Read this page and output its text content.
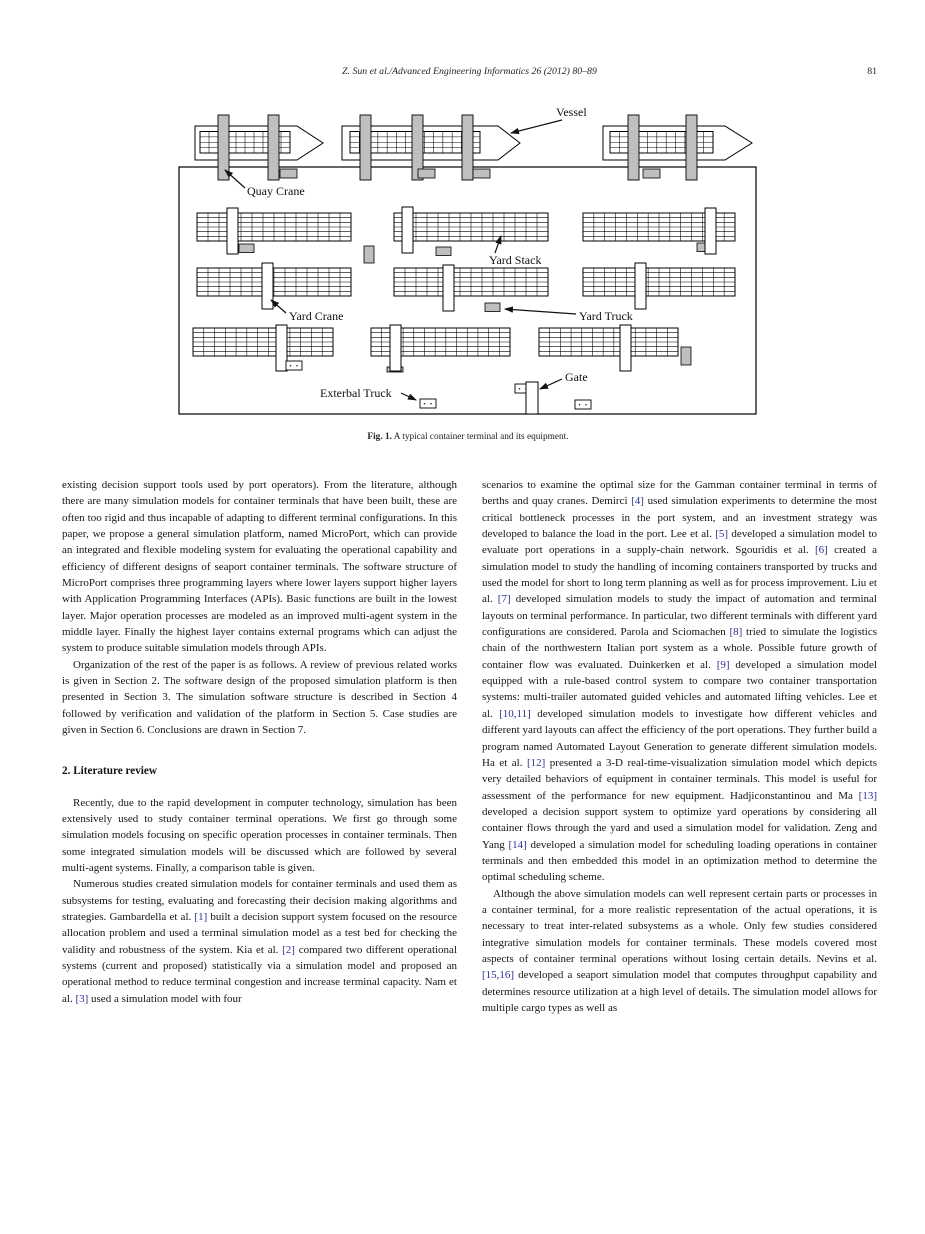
Z. Sun et al./Advanced Engineering Informatics 26 (2012) 80–89	81
Vessel
Quay Crane
Yard Stack
Yard Crane	Yard Truck
Exterbal Truck
Gate
Fig. 1. A typical container terminal and its equipment.
existing decision support tools used by port operators). From the literature, although there are many simulation models for container terminals that have been built, these are often too rigid and thus incapable of adapting to different terminal configurations. In this paper, we propose a general simulation platform, named MicroPort, which can provide an integrated and flexible modeling system for evaluating the operational capability and efficiency of different designs of seaport container terminals. The software structure of MicroPort comprises three programming layers where lower layers support higher layers with Application Programming Interfaces (APIs). Basic functions are built in the lowest layer. Major operation processes are modeled as an improved multi-agent system in the middle layer. Finally the highest layer contains external programs which can adjust the system to produce suitable simulation models through APIs.
Organization of the rest of the paper is as follows. A review of previous related works is given in Section 2. The software design of the proposed simulation platform is then presented in Section 3. The simulation software structure is described in Section 4 followed by verification and validation of the platform in Section 5. Case studies are given in Section 6. Conclusions are drawn in Section 7.
2. Literature review
Recently, due to the rapid development in computer technology, simulation has been extensively used to study container terminal operations. We first go through some simulation models focusing on specific operation processes in container terminals. Then some integrated simulation models will be discussed which are followed by several multi-agent systems. Finally, a comparison table is given.
Numerous studies created simulation models for container terminals and used them as subsystems for testing, evaluating and forecasting their decision making algorithms and strategies. Gambardella et al. [1] built a decision support system focused on the resource allocation problem and used a terminal simulation model as a test bed for checking the validity and robustness of the system. Kia et al. [2] compared two different operational systems (current and proposed) statistically via a simulation model and proposed an operational method to reduce terminal congestion and increase terminal capacity. Nam et al. [3] used a simulation model with four
scenarios to examine the optimal size for the Gamman container terminal in terms of berths and quay cranes. Demirci [4] used simulation experiments to determine the most critical bottleneck processes in the port system, and an investment strategy was developed to balance the load in the port. Lee et al. [5] developed a simulation model to evaluate port operations in a supply-chain network. Sgouridis et al. [6] created a simulation model to study the handling of incoming containers transported by trucks and used the model for short to long term planning as well as for process improvement. Liu et al. [7] developed simulation models to study the impact of automation and terminal layouts on terminal performance. In particular, two different terminals with different yard configurations are considered. Parola and Sciomachen [8] tried to simulate the logistics chain of the northwestern Italian port system as a whole. Possible future growth of container flow was evaluated. Duinkerken et al. [9] developed a simulation model equipped with a rule-based control system to compare two container transportation systems: multi-trailer automated guided vehicles and automated lifting vehicles. Lee et al. [10,11] developed simulation models to investigate how different vehicles and different yard layouts can affect the efficiency of the port operations. They further build a program named Automated Layout Generation to generate different simulation models. Ha et al. [12] presented a 3-D real-time-visualization simulation model which depicts very detailed behaviors of equipment in container terminals. This model is useful for assessment of the performance for new equipment. Hadjiconstantinou and Ma [13] developed a decision support system to optimize yard operations by considering all container flows through the yard and used a simulation model for validation. Zeng and Yang [14] developed a simulation model for scheduling loading operations in container terminals and then embedded this model in an optimization method to determine the optimal scheduling scheme.
Although the above simulation models can well represent certain parts or processes in a container terminal, for a more realistic representation of the actual operations, it is necessary to treat inter-related subsystems as a whole. Only few studies considered integrative simulation models for container terminals. These models covered most aspects of container terminal operations without losing certain details. Nevins et al. [15,16] developed a seaport simulation model that computes throughput capability and determines resource utilization at a high level of details. The simulation model allows for multiple cargo types as well as
